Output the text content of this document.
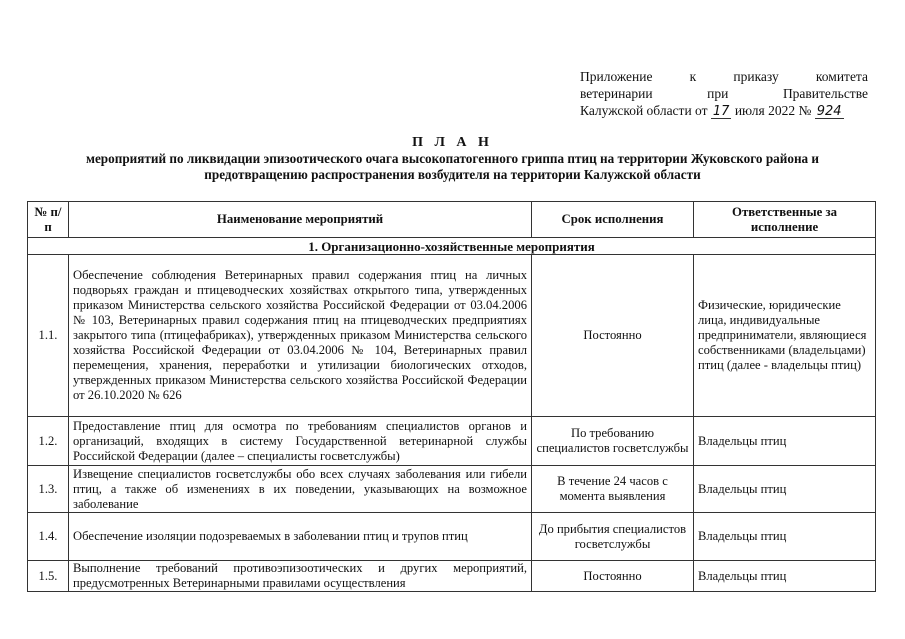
Приложение	к	приказу	комитета
ветеринарии	при	Правительстве
Калужской области от 17 июля 2022 № 924
П Л А Н
мероприятий по ликвидации эпизоотического очага высокопатогенного гриппа птиц на территории Жуковского района и предотвращению распространения возбудителя на территории Калужской области
№ п/п	Наименование мероприятий	Срок исполнения	Ответственные за исполнение
1. Организационно-хозяйственные мероприятия			
1.1.	Обеспечение соблюдения Ветеринарных правил содержания птиц на личных подворьях граждан и птицеводческих хозяйствах открытого типа, утвержденных приказом Министерства сельского хозяйства Российской Федерации от 03.04.2006 № 103, Ветеринарных правил содержания птиц на птицеводческих предприятиях закрытого типа (птицефабриках), утвержденных приказом Министерства сельского хозяйства Российской Федерации от 03.04.2006 № 104, Ветеринарных правил перемещения, хранения, переработки и утилизации биологических отходов, утвержденных приказом Министерства сельского хозяйства Российской Федерации от 26.10.2020 № 626	Постоянно	Физические, юридические лица, индивидуальные предприниматели, являющиеся собственниками (владельцами) птиц (далее - владельцы птиц)
1.2.	Предоставление птиц для осмотра по требованиям специалистов органов и организаций, входящих в систему Государственной ветеринарной службы Российской Федерации (далее – специалисты госветслужбы)	По требованию специалистов госветслужбы	Владельцы птиц
1.3.	Извещение специалистов госветслужбы обо всех случаях заболевания или гибели птиц, а также об изменениях в их поведении, указывающих на возможное заболевание	В течение 24 часов с момента выявления	Владельцы птиц
1.4.	Обеспечение изоляции подозреваемых в заболевании птиц и трупов птиц	До прибытия специалистов госветслужбы	Владельцы птиц
1.5.	Выполнение требований противоэпизоотических и других мероприятий, предусмотренных Ветеринарными правилами осуществления	Постоянно	Владельцы птиц
